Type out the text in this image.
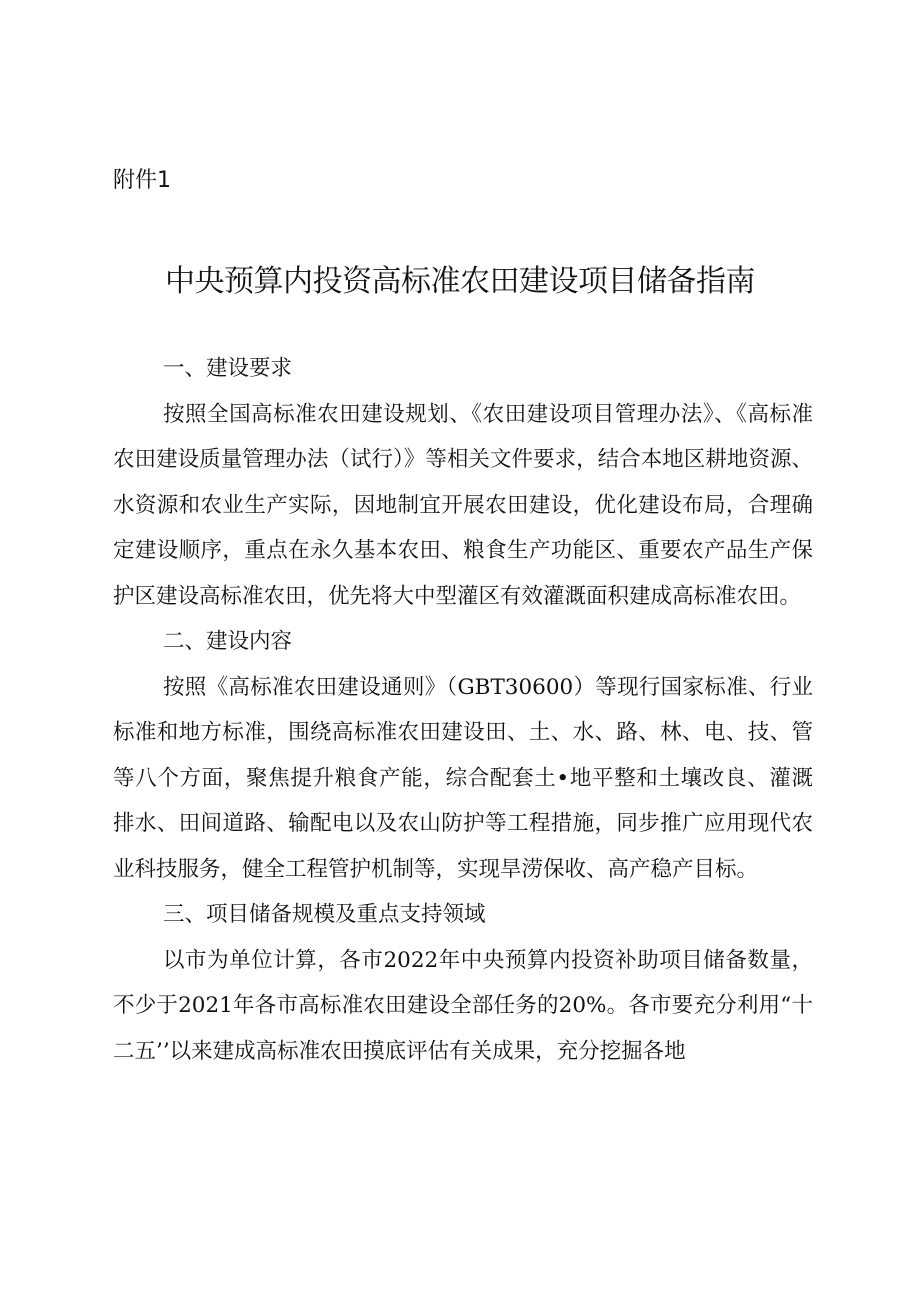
附件1
中央预算内投资高标准农田建设项目储备指南

一、建设要求

按照全国高标准农田建设规划、《农田建设项目管理办法》、《高标准农田建设质量管理办法（试行）》等相关文件要求，结合本地区耕地资源、水资源和农业生产实际，因地制宜开展农田建设，优化建设布局，合理确定建设顺序，重点在永久基本农田、粮食生产功能区、重要农产品生产保护区建设高标准农田，优先将大中型灌区有效灌溉面积建成高标准农田。

二、建设内容

按照《高标准农田建设通则》（GBT30600）等现行国家标准、行业标准和地方标准，围绕高标准农田建设田、土、水、路、林、电、技、管等八个方面，聚焦提升粮食产能，综合配套土•地平整和土壤改良、灌溉排水、田间道路、输配电以及农山防护等工程措施，同步推广应用现代农业科技服务，健全工程管护机制等，实现旱涝保收、高产稳产目标。

三、项目储备规模及重点支持领域

以市为单位计算，各市2022年中央预算内投资补助项目储备数量，不少于2021年各市高标准农田建设全部任务的20%。各市要充分利用“十二五’’以来建成高标准农田摸底评估有关成果，充分挖掘各地
